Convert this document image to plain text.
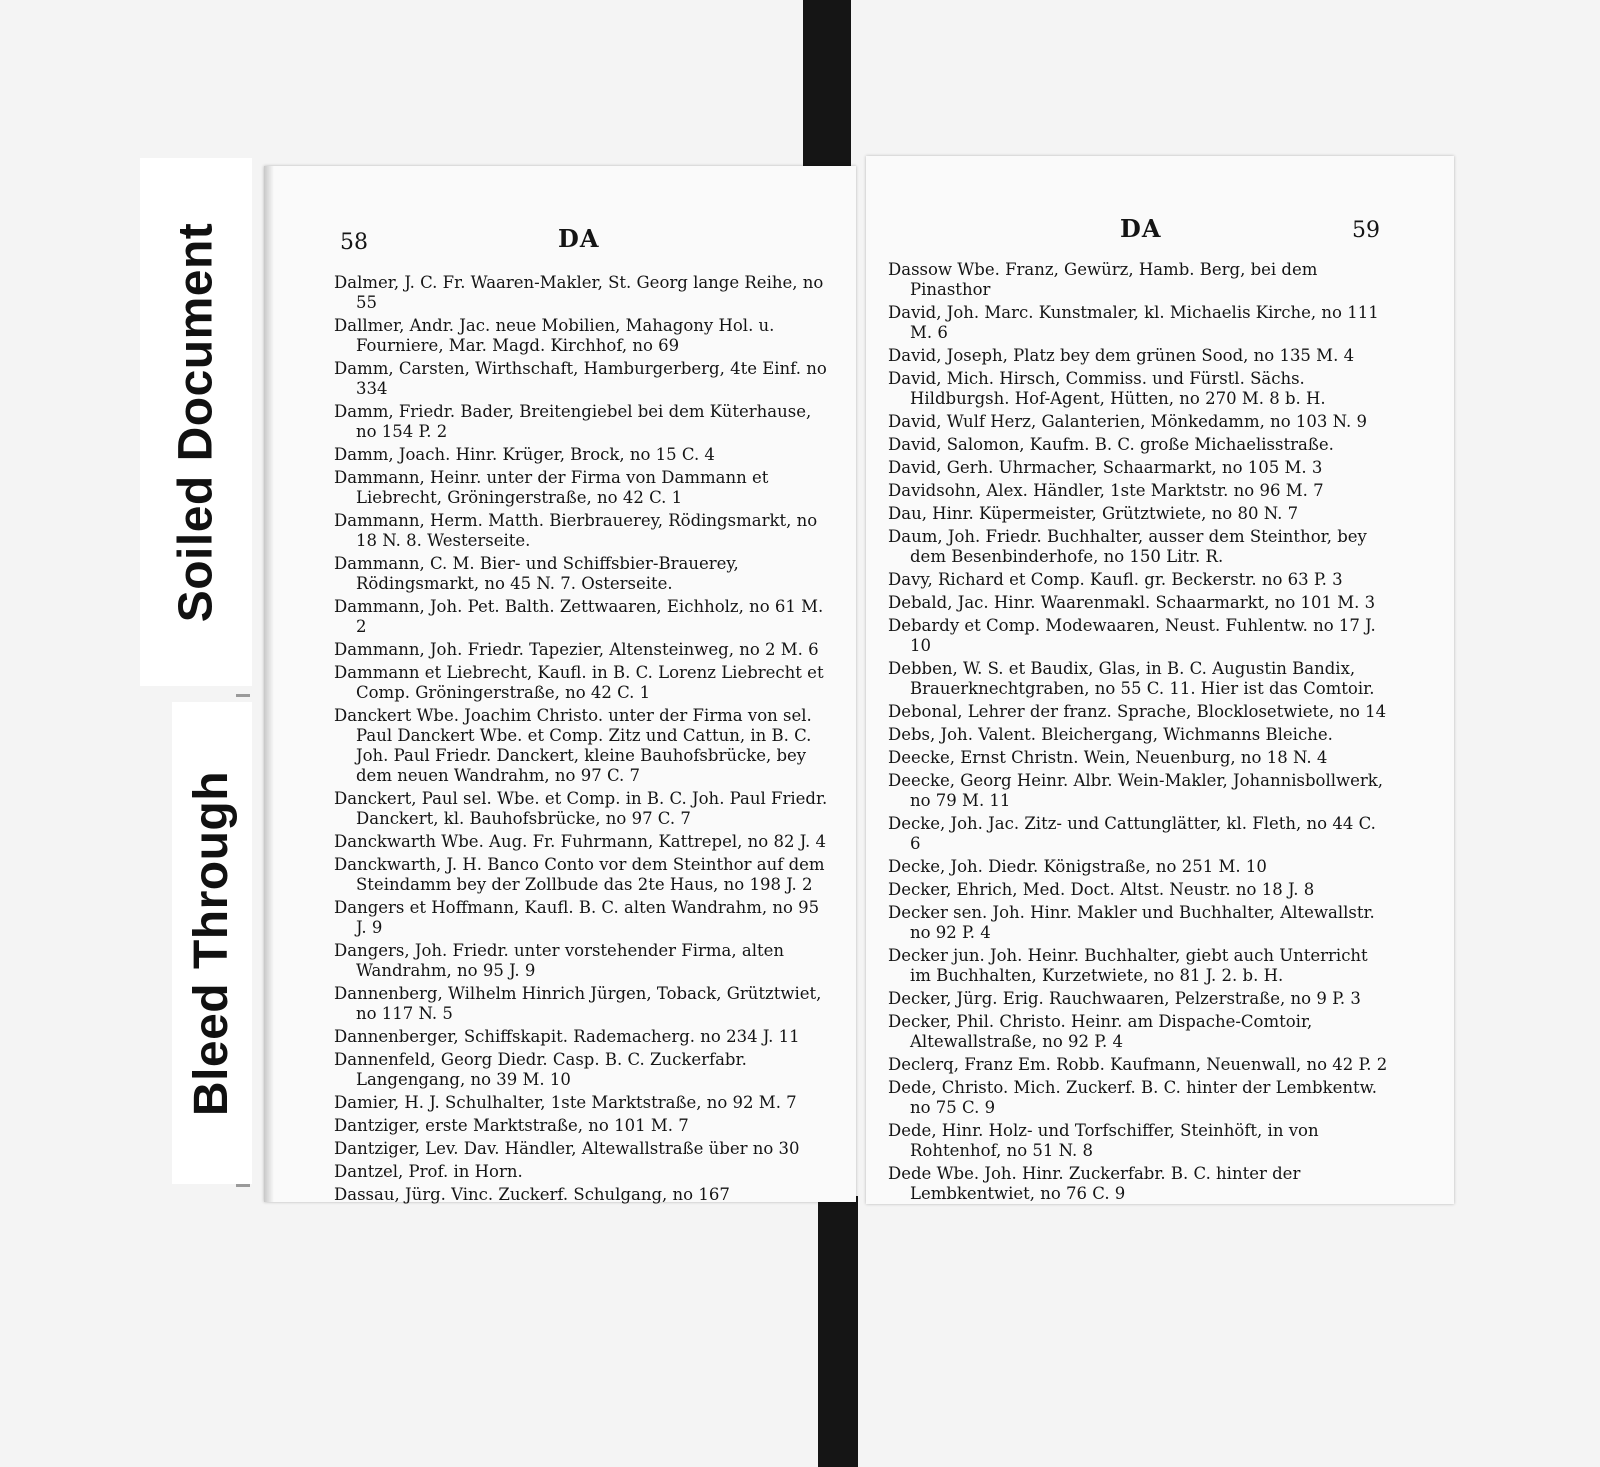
Soiled Document
Bleed Through
58	DA
Dalmer, J. C. Fr. Waaren-Makler, St. Georg lange Reihe, no 55
Dallmer, Andr. Jac. neue Mobilien, Mahagony Hol. u. Fourniere, Mar. Magd. Kirchhof, no 69
Damm, Carsten, Wirthschaft, Hamburgerberg, 4te Einf. no 334
Damm, Friedr. Bader, Breitengiebel bei dem Küterhause, no 154 P. 2
Damm, Joach. Hinr. Krüger, Brock, no 15 C. 4
Dammann, Heinr. unter der Firma von Dammann et Liebrecht, Gröningerstraße, no 42 C. 1
Dammann, Herm. Matth. Bierbrauerey, Rödingsmarkt, no 18 N. 8. Westerseite.
Dammann, C. M. Bier- und Schiffsbier-Brauerey, Rödingsmarkt, no 45 N. 7. Osterseite.
Dammann, Joh. Pet. Balth. Zettwaaren, Eichholz, no 61 M. 2
Dammann, Joh. Friedr. Tapezier, Altensteinweg, no 2 M. 6
Dammann et Liebrecht, Kaufl. in B. C. Lorenz Liebrecht et Comp. Gröningerstraße, no 42 C. 1
Danckert Wbe. Joachim Christo. unter der Firma von sel. Paul Danckert Wbe. et Comp. Zitz und Cattun, in B. C. Joh. Paul Friedr. Danckert, kleine Bauhofsbrücke, bey dem neuen Wandrahm, no 97 C. 7
Danckert, Paul sel. Wbe. et Comp. in B. C. Joh. Paul Friedr. Danckert, kl. Bauhofsbrücke, no 97 C. 7
Danckwarth Wbe. Aug. Fr. Fuhrmann, Kattrepel, no 82 J. 4
Danckwarth, J. H. Banco Conto vor dem Steinthor auf dem Steindamm bey der Zollbude das 2te Haus, no 198 J. 2
Dangers et Hoffmann, Kaufl. B. C. alten Wandrahm, no 95 J. 9
Dangers, Joh. Friedr. unter vorstehender Firma, alten Wandrahm, no 95 J. 9
Dannenberg, Wilhelm Hinrich Jürgen, Toback, Grütztwiet, no 117 N. 5
Dannenberger, Schiffskapit. Rademacherg. no 234 J. 11
Dannenfeld, Georg Diedr. Casp. B. C. Zuckerfabr. Langengang, no 39 M. 10
Damier, H. J. Schulhalter, 1ste Marktstraße, no 92 M. 7
Dantziger, erste Marktstraße, no 101 M. 7
Dantziger, Lev. Dav. Händler, Altewallstraße über no 30
Dantzel, Prof. in Horn.
Dassau, Jürg. Vinc. Zuckerf. Schulgang, no 167
DA	59
Dassow Wbe. Franz, Gewürz, Hamb. Berg, bei dem Pinasthor
David, Joh. Marc. Kunstmaler, kl. Michaelis Kirche, no 111 M. 6
David, Joseph, Platz bey dem grünen Sood, no 135 M. 4
David, Mich. Hirsch, Commiss. und Fürstl. Sächs. Hildburgsh. Hof-Agent, Hütten, no 270 M. 8 b. H.
David, Wulf Herz, Galanterien, Mönkedamm, no 103 N. 9
David, Salomon, Kaufm. B. C. große Michaelisstraße.
David, Gerh. Uhrmacher, Schaarmarkt, no 105 M. 3
Davidsohn, Alex. Händler, 1ste Marktstr. no 96 M. 7
Dau, Hinr. Küpermeister, Grütztwiete, no 80 N. 7
Daum, Joh. Friedr. Buchhalter, ausser dem Steinthor, bey dem Besenbinderhofe, no 150 Litr. R.
Davy, Richard et Comp. Kaufl. gr. Beckerstr. no 63 P. 3
Debald, Jac. Hinr. Waarenmakl. Schaarmarkt, no 101 M. 3
Debardy et Comp. Modewaaren, Neust. Fuhlentw. no 17 J. 10
Debben, W. S. et Baudix, Glas, in B. C. Augustin Bandix, Brauerknechtgraben, no 55 C. 11. Hier ist das Comtoir.
Debonal, Lehrer der franz. Sprache, Blocklosetwiete, no 14
Debs, Joh. Valent. Bleichergang, Wichmanns Bleiche.
Deecke, Ernst Christn. Wein, Neuenburg, no 18 N. 4
Deecke, Georg Heinr. Albr. Wein-Makler, Johannisbollwerk, no 79 M. 11
Decke, Joh. Jac. Zitz- und Cattunglätter, kl. Fleth, no 44 C. 6
Decke, Joh. Diedr. Königstraße, no 251 M. 10
Decker, Ehrich, Med. Doct. Altst. Neustr. no 18 J. 8
Decker sen. Joh. Hinr. Makler und Buchhalter, Altewallstr. no 92 P. 4
Decker jun. Joh. Heinr. Buchhalter, giebt auch Unterricht im Buchhalten, Kurzetwiete, no 81 J. 2. b. H.
Decker, Jürg. Erig. Rauchwaaren, Pelzerstraße, no 9 P. 3
Decker, Phil. Christo. Heinr. am Dispache-Comtoir, Altewallstraße, no 92 P. 4
Declerq, Franz Em. Robb. Kaufmann, Neuenwall, no 42 P. 2
Dede, Christo. Mich. Zuckerf. B. C. hinter der Lembkentw. no 75 C. 9
Dede, Hinr. Holz- und Torfschiffer, Steinhöft, in von Rohtenhof, no 51 N. 8
Dede Wbe. Joh. Hinr. Zuckerfabr. B. C. hinter der Lembkentwiet, no 76 C. 9
